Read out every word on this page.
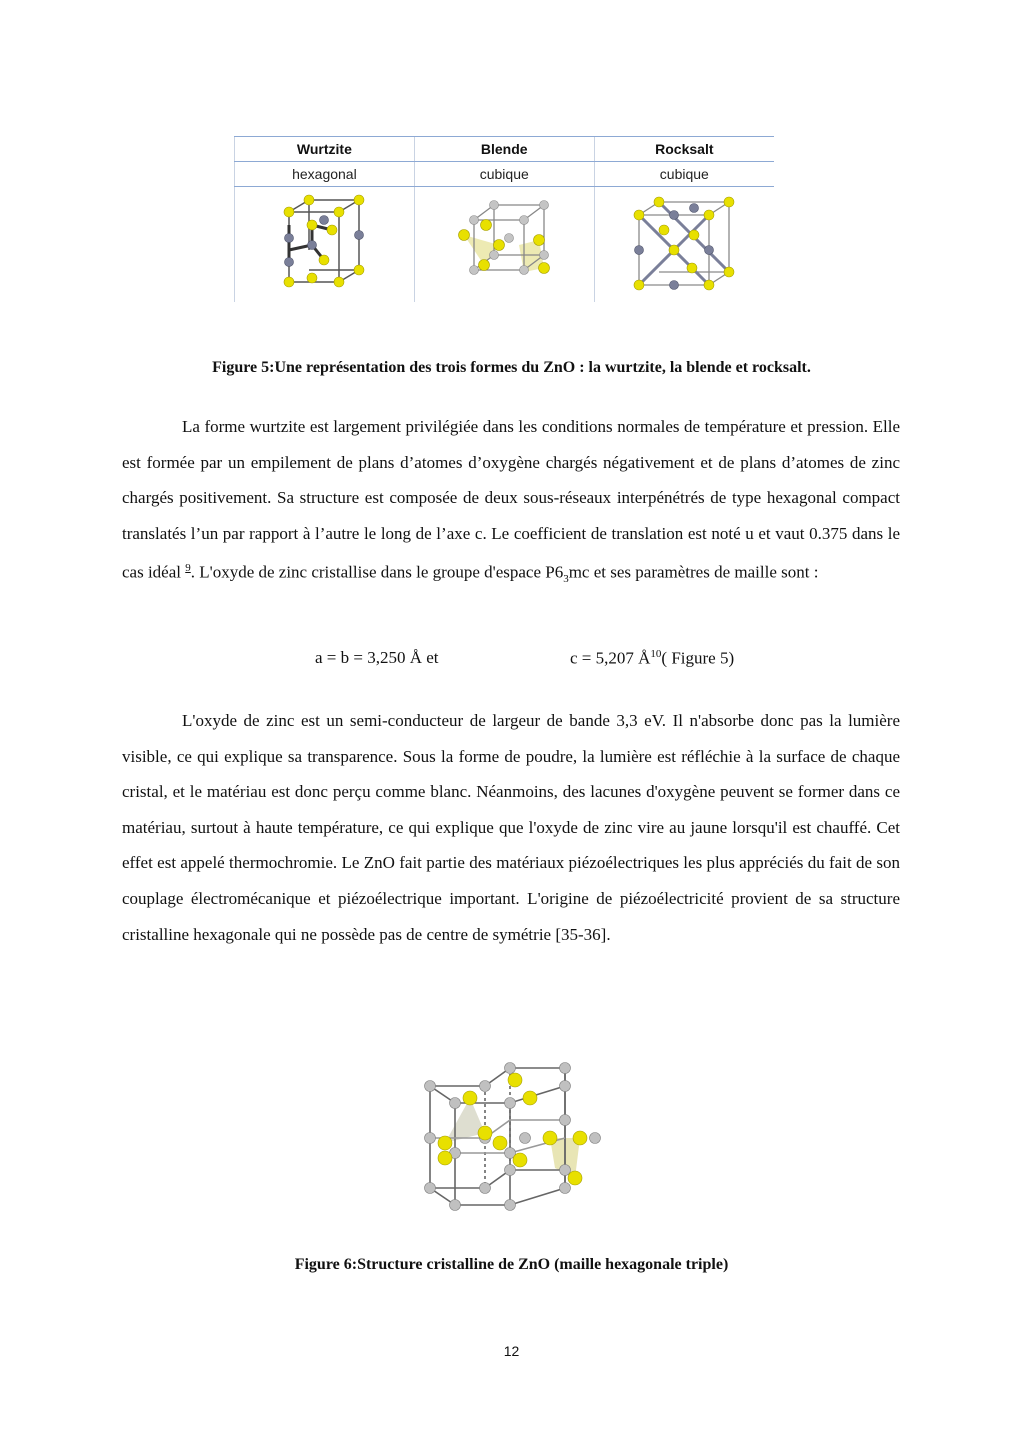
Wurtzite	Blende	Rocksalt
hexagonal	cubique	cubique

Figure 5:Une représentation des trois formes du ZnO : la wurtzite, la blende et rocksalt.

La forme wurtzite est largement privilégiée dans les conditions normales de température et pression. Elle est formée par un empilement de plans d’atomes d’oxygène chargés négativement et de plans d’atomes de zinc chargés positivement. Sa structure est composée de deux sous-réseaux interpénétrés de type hexagonal compact translatés l’un par rapport à l’autre le long de l’axe c. Le coefficient de translation est noté u et vaut 0.375 dans le cas idéal $^9$. L'oxyde de zinc cristallise dans le groupe d'espace $P6_3mc$ et ses paramètres de maille sont :

a = b = 3,250 Å et	c = 5,207 $Å^{10}$( Figure 5)

L'oxyde de zinc est un semi-conducteur de largeur de bande 3,3 eV. Il n'absorbe donc pas la lumière visible, ce qui explique sa transparence. Sous la forme de poudre, la lumière est réfléchie à la surface de chaque cristal, et le matériau est donc perçu comme blanc. Néanmoins, des lacunes d'oxygène peuvent se former dans ce matériau, surtout à haute température, ce qui explique que l'oxyde de zinc vire au jaune lorsqu'il est chauffé. Cet effet est appelé thermochromie. Le ZnO fait partie des matériaux piézoélectriques les plus appréciés du fait de son couplage électromécanique et piézoélectrique important. L'origine de piézoélectricité provient de sa structure cristalline hexagonale qui ne possède pas de centre de symétrie [35-36].

Figure 6:Structure cristalline de ZnO (maille hexagonale triple)
12
